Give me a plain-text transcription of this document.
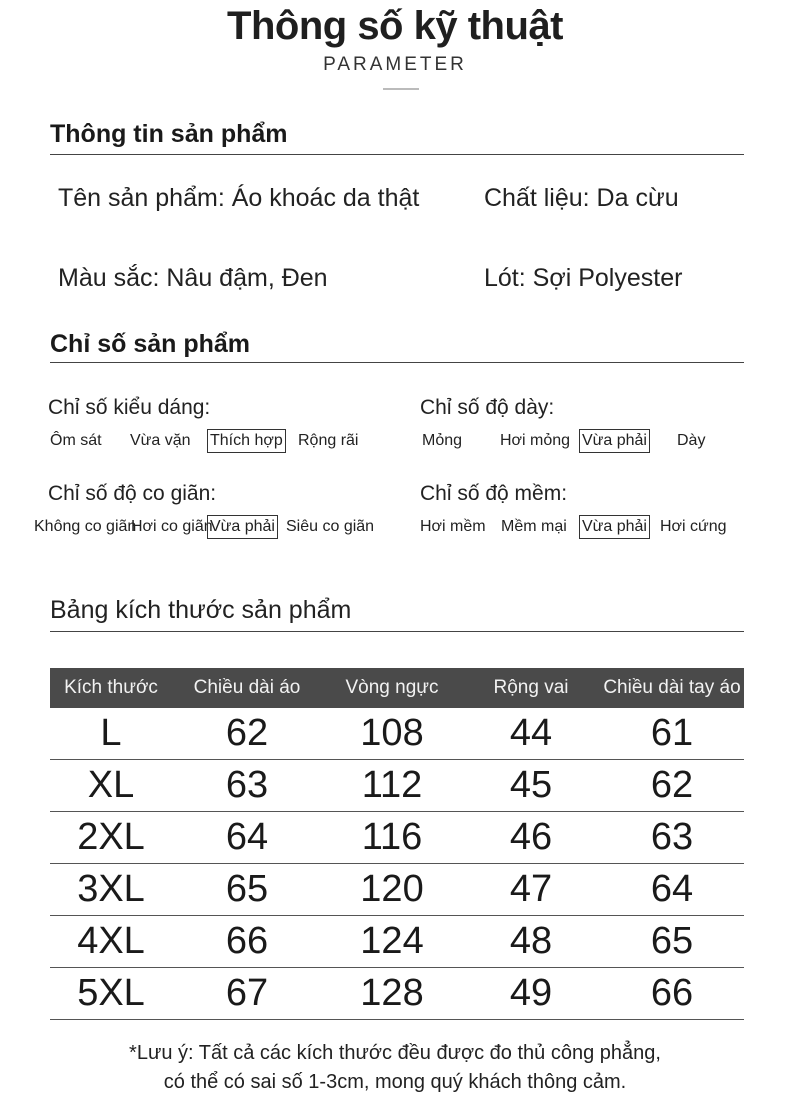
Thông số kỹ thuật
PARAMETER
Thông tin sản phẩm
Tên sản phẩm: Áo khoác da thật	Chất liệu: Da cừu
Màu sắc: Nâu đậm, Đen	Lót: Sợi Polyester
Chỉ số sản phẩm
Chỉ số kiểu dáng:
Ôm sát Vừa vặn Thích hợp Rộng rãi
Chỉ số độ dày:
Mỏng Hơi mỏng Vừa phải Dày
Chỉ số độ co giãn:
Không co giãn
Hơi co giãn
Vừa phải Siêu co giãn
Chỉ số độ mềm:
Hơi mềm Mềm mại Vừa phải Hơi cứng
Bảng kích thước sản phẩm
Kích thước	Chiều dài áo	Vòng ngực	Rộng vai	Chiều dài tay áo
L	62	108	44	61
XL	63	112	45	62
2XL	64	116	46	63
3XL	65	120	47	64
4XL	66	124	48	65
5XL	67	128	49	66
*Lưu ý: Tất cả các kích thước đều được đo thủ công phẳng,
có thể có sai số 1-3cm, mong quý khách thông cảm.
